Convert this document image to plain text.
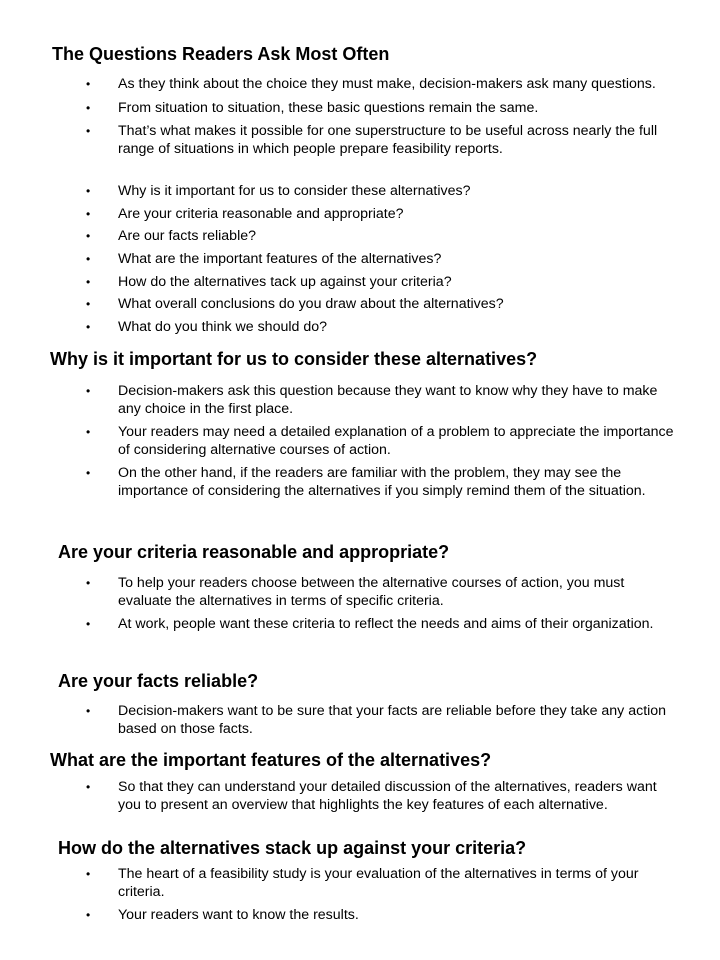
The Questions Readers Ask Most Often
• As they think about the choice they must make, decision-makers ask many questions.
• From situation to situation, these basic questions remain the same.
• That’s what makes it possible for one superstructure to be useful across nearly the full range of situations in which people prepare feasibility reports.
• Why is it important for us to consider these alternatives?
• Are your criteria reasonable and appropriate?
• Are our facts reliable?
• What are the important features of the alternatives?
• How do the alternatives tack up against your criteria?
• What overall conclusions do you draw about the alternatives?
• What do you think we should do?
Why is it important for us to consider these alternatives?
• Decision-makers ask this question because they want to know why they have to make any choice in the first place.
• Your readers may need a detailed explanation of a problem to appreciate the importance of considering alternative courses of action.
• On the other hand, if the readers are familiar with the problem, they may see the importance of considering the alternatives if you simply remind them of the situation.
Are your criteria reasonable and appropriate?
• To help your readers choose between the alternative courses of action, you must evaluate the alternatives in terms of specific criteria.
• At work, people want these criteria to reflect the needs and aims of their organization.
Are your facts reliable?
• Decision-makers want to be sure that your facts are reliable before they take any action based on those facts.
What are the important features of the alternatives?
• So that they can understand your detailed discussion of the alternatives, readers want you to present an overview that highlights the key features of each alternative.
How do the alternatives stack up against your criteria?
• The heart of a feasibility study is your evaluation of the alternatives in terms of your criteria.
• Your readers want to know the results.
